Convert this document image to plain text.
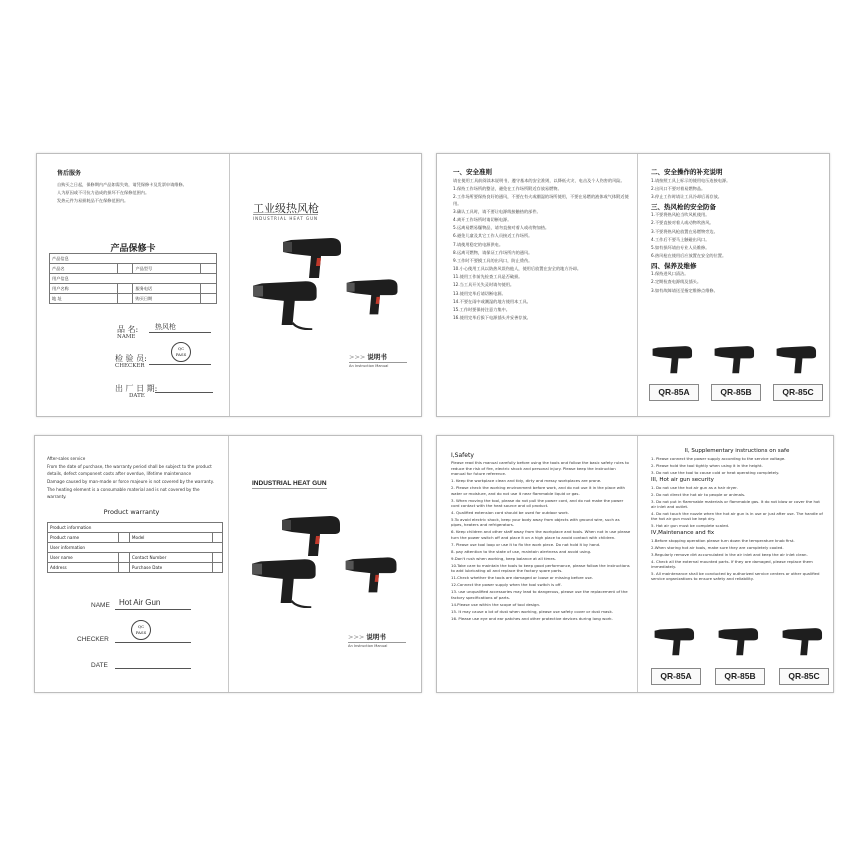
售后服务

自购买之日起，保修期内产品如需失效，请凭保修卡及发票申请维修。

人为原因或不可抗力造成的损坏不在保修范围内。

发热元件为易损耗品不在保修范围内。

产品保修卡
产品信息			
产品名		产品型号	
用户信息			
用户名称		服务电话	
地 址		购买日期	
品 名:
NAME
热风枪
QC
PASS
检 验 员:
CHECKER
出 厂 日 期:
DATE
工业级热风枪
INDUSTRIAL HEAT GUN
>>> 说明书
An Instruction Manual
一、安全准则

请在使用工具前阅读本说明书，遵守基本的安全准则，以降低火灾、电击及个人伤害的风险。

1.保持工作场所的整洁，避免在工作场所附近存放易燃物。

2.工作场所要保持良好的通风，不要在有火或潮湿的场所使用，不要在易燃的液体或气体附近使用。

3.确认工具时，请不要让电源线接触热的部件。

4.离开工作场所时请切断电源。

5.远离易燃易爆物品，请勿直接对着人或动物加热。

6.避免儿童及其它工作人员接近工作场所。

7.请使用稳定的电源供电。

8.远离可燃物，请保证工作场所内的通风。

9.工作时不要摸工具的出风口，防止烫伤。

10.小心使用工具以防热风误伤他人，使用后放置在安全的地方冷却。

11.使用工作前先检查工具是否破损。

12.当工具开关失灵时请勿使用。

13.使用完毕后请切断电源。

14.不要在雨中或潮湿的地方使用本工具。

15.工作时要保持注意力集中。

16.使用完毕后拔下电源插头并妥善存放。

二、安全操作的补充说明

1.请按照工具上标示的使用电压连接电源。

2.出风口不要对着易燃物品。

3.停止工作时请让工具冷却后再存放。

三、热风枪的安全防备

1.不要将热风枪当吹风机使用。

2.不要直接对着人或动物吹热风。

3.不要将热风枪放置在易燃物旁边。

4.工作后不要马上触碰出风口。

5.如有损坏请由专业人员维修。

6.热风枪在使用后应放置在安全的位置。

四、保养及维修

1.保持进风口清洁。

2.定期检查电源线及插头。

3.如有故障请送至指定维修点维修。

QR-85A	QR-85B	QR-85C

After-sales service

From the date of purchase, the warranty period shall be subject to the product details, defect component costs after overdue, lifetime maintenance

Damage caused by man-made or force majeure is not covered by the warranty.

The heating element is a consumable material and is not covered by the warranty.

Product warranty
Product information			
Product name		Model	
User information			
User name		Contact Number	
Address		Purchase Date	
NAME Hot Air Gun
QC
PASS
CHECKER
DATE
INDUSTRIAL HEAT GUN
>>> 说明书
An Instruction Manual
I,Safety

Please read this manual carefully before using the tools and follow the basic safety rules to reduce the risk of fire, electric shock and personal injury. Please keep the instruction manual for future reference.

1. Keep the workplace clean and tidy, dirty and messy workplaces are prone.

2. Please check the working environment before work, and do not use it in the place with water or moisture, and do not use it near flammable liquid or gas.

3. When moving the tool, please do not pull the power cord, and do not make the power cord contact with the heat source and oil product.

4. Qualified extension cord should be used for outdoor work.

5.To avoid electric shock, keep your body away from objects with ground wire, such as pipes, heaters and refrigerators.

6. Keep children and other staff away from the workplace and tools. When not in use please turn the power switch off and place it on a high place to avoid contact with children.

7. Please use tool loop or use it to fix the work piece. Do not hold it by hand.

8. pay attention to the state of use, maintain alertness and avoid using.

9.Don't rush when working, keep balance at all times.

10.Take care to maintain the tools to keep good performance, please follow the instructions to add lubricating oil and replace the factory spare parts.

11.Check whether the tools are damaged or loose or missing before use.

12.Connect the power supply when the tool switch is off.

13. use unqualified accessories may lead to dangerous, please use the replacement of the factory specifications of parts.

14.Please use within the scope of tool design.

15. It may cause a lot of dust when working, please use safety cover or dust mask.

16. Please use eye and ear patches and other protective devices during long work.

II, Supplementary instructions on safe

1. Please connect the power supply according to the service voltage.

2. Please hold the tool tightly when using it in the height.

3. Do not use the tool to cause cold or heat operating completely.

III, Hot air gun security

1. Do not use the hot air gun as a hair dryer.

2. Do not direct the hot air to people or animals.

3. Do not put in flammable materials or flammable gas. It do not blow or cover the hot air inlet and outlet.

4. Do not touch the nozzle when the hot air gun is in use or just after use. The handle of the hot air gun must be kept dry.

5. Hot air gun must be complete scaled.

IV,Maintenance and fix

1.Before stopping operation please turn down the temperature knob first.

2.When storing hot air tools, make sure they are completely cooled.

3.Regularly remove dirt accumulated in the air inlet and keep the air inlet clean.

4. Check all the external mounted parts. If they are damaged, please replace them immediately.

5. All maintenance shall be conducted by authorized service centers or other qualified service organizations to ensure safety and reliability.

QR-85A	QR-85B	QR-85C
